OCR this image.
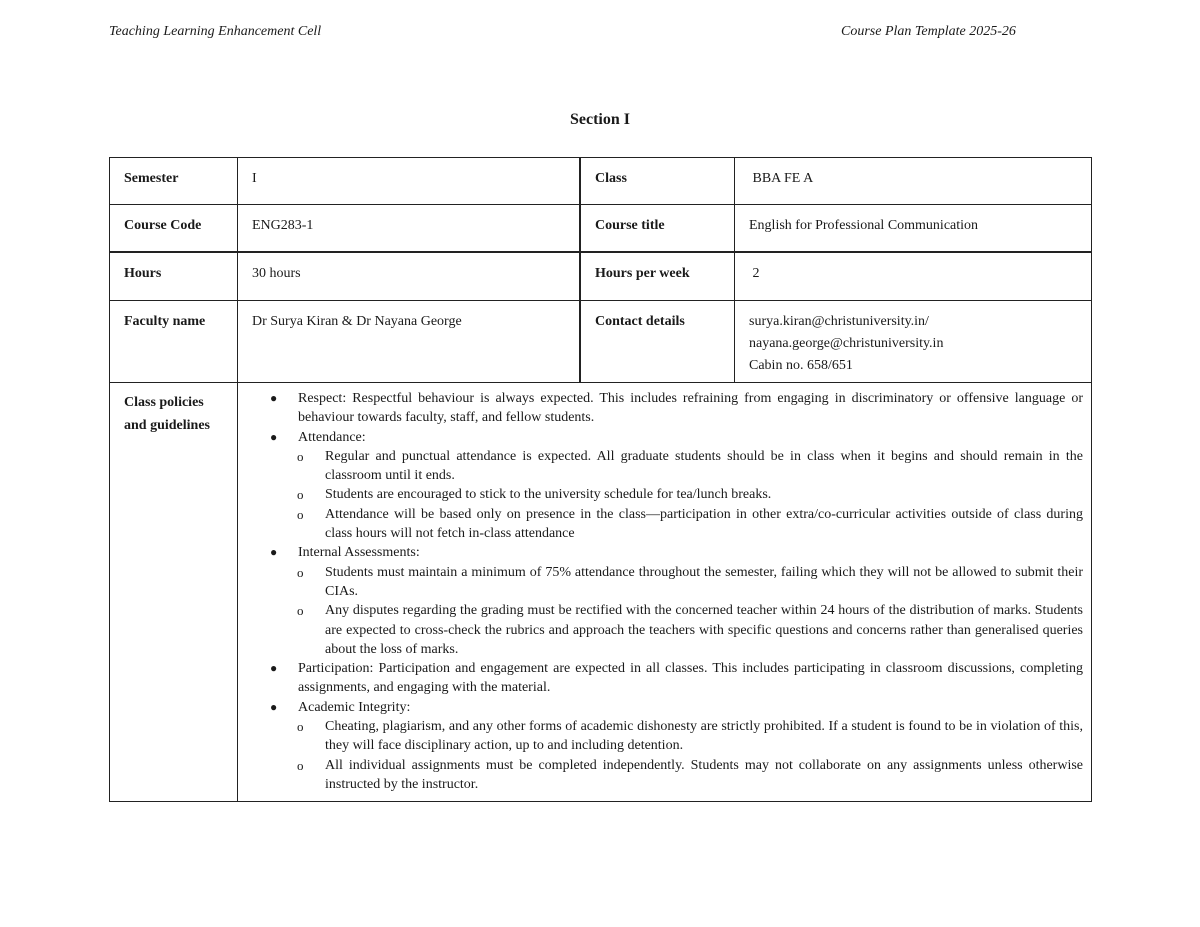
Teaching Learning Enhancement Cell	Course Plan Template 2025-26
Section I
Semester	I	Class	BBA FE A
Course Code	ENG283-1	Course title	English for Professional Communication
Hours	30 hours	Hours per week	2
Faculty name	Dr Surya Kiran & Dr Nayana George	Contact details	surya.kiran@christuniversity.in/
nayana.george@christuniversity.in
Cabin no. 658/651
Class policies
and guidelines
● Respect: Respectful behaviour is always expected. This includes refraining from engaging in discriminatory or offensive language or behaviour towards faculty, staff, and fellow students.
● Attendance:
o Regular and punctual attendance is expected. All graduate students should be in class when it begins and should remain in the classroom until it ends.
o Students are encouraged to stick to the university schedule for tea/lunch breaks.
o Attendance will be based only on presence in the class—participation in other extra/co-curricular activities outside of class during class hours will not fetch in-class attendance
● Internal Assessments:
o Students must maintain a minimum of 75% attendance throughout the semester, failing which they will not be allowed to submit their CIAs.
o Any disputes regarding the grading must be rectified with the concerned teacher within 24 hours of the distribution of marks. Students are expected to cross-check the rubrics and approach the teachers with specific questions and concerns rather than generalised queries about the loss of marks.
● Participation: Participation and engagement are expected in all classes. This includes participating in classroom discussions, completing assignments, and engaging with the material.
● Academic Integrity:
o Cheating, plagiarism, and any other forms of academic dishonesty are strictly prohibited. If a student is found to be in violation of this, they will face disciplinary action, up to and including detention.
o All individual assignments must be completed independently. Students may not collaborate on any assignments unless otherwise instructed by the instructor.
